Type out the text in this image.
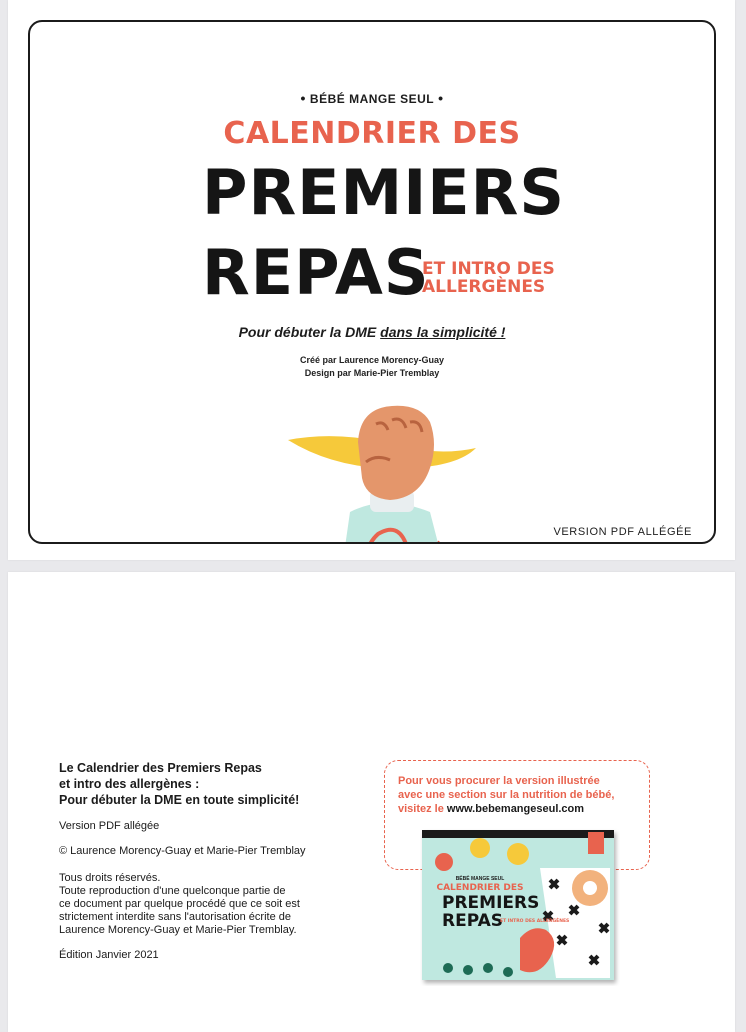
• BÉBÉ MANGE SEUL •
CALENDRIER DES
PREMIERS
REPAS
ET INTRO DES
ALLERGÈNES
Pour débuter la DME dans la simplicité !
Créé par Laurence Morency-Guay
Design par Marie-Pier Tremblay
VERSION PDF ALLÉGÉE
Le Calendrier des Premiers Repas
et intro des allergènes :
Pour débuter la DME en toute simplicité!

Version PDF allégée

© Laurence Morency-Guay et Marie-Pier Tremblay

Tous droits réservés.

Toute reproduction d'une quelconque partie de

ce document par quelque procédé que ce soit est

strictement interdite sans l'autorisation écrite de

Laurence Morency-Guay et Marie-Pier Tremblay.

Édition Janvier 2021

Pour vous procurer la version illustrée
avec une section sur la nutrition de bébé,
visitez le www.bebemangeseul.com
BÉBÉ MANGE SEUL
CALENDRIER DES
PREMIERS
REPAS
ET INTRO DES ALLERGÈNES
